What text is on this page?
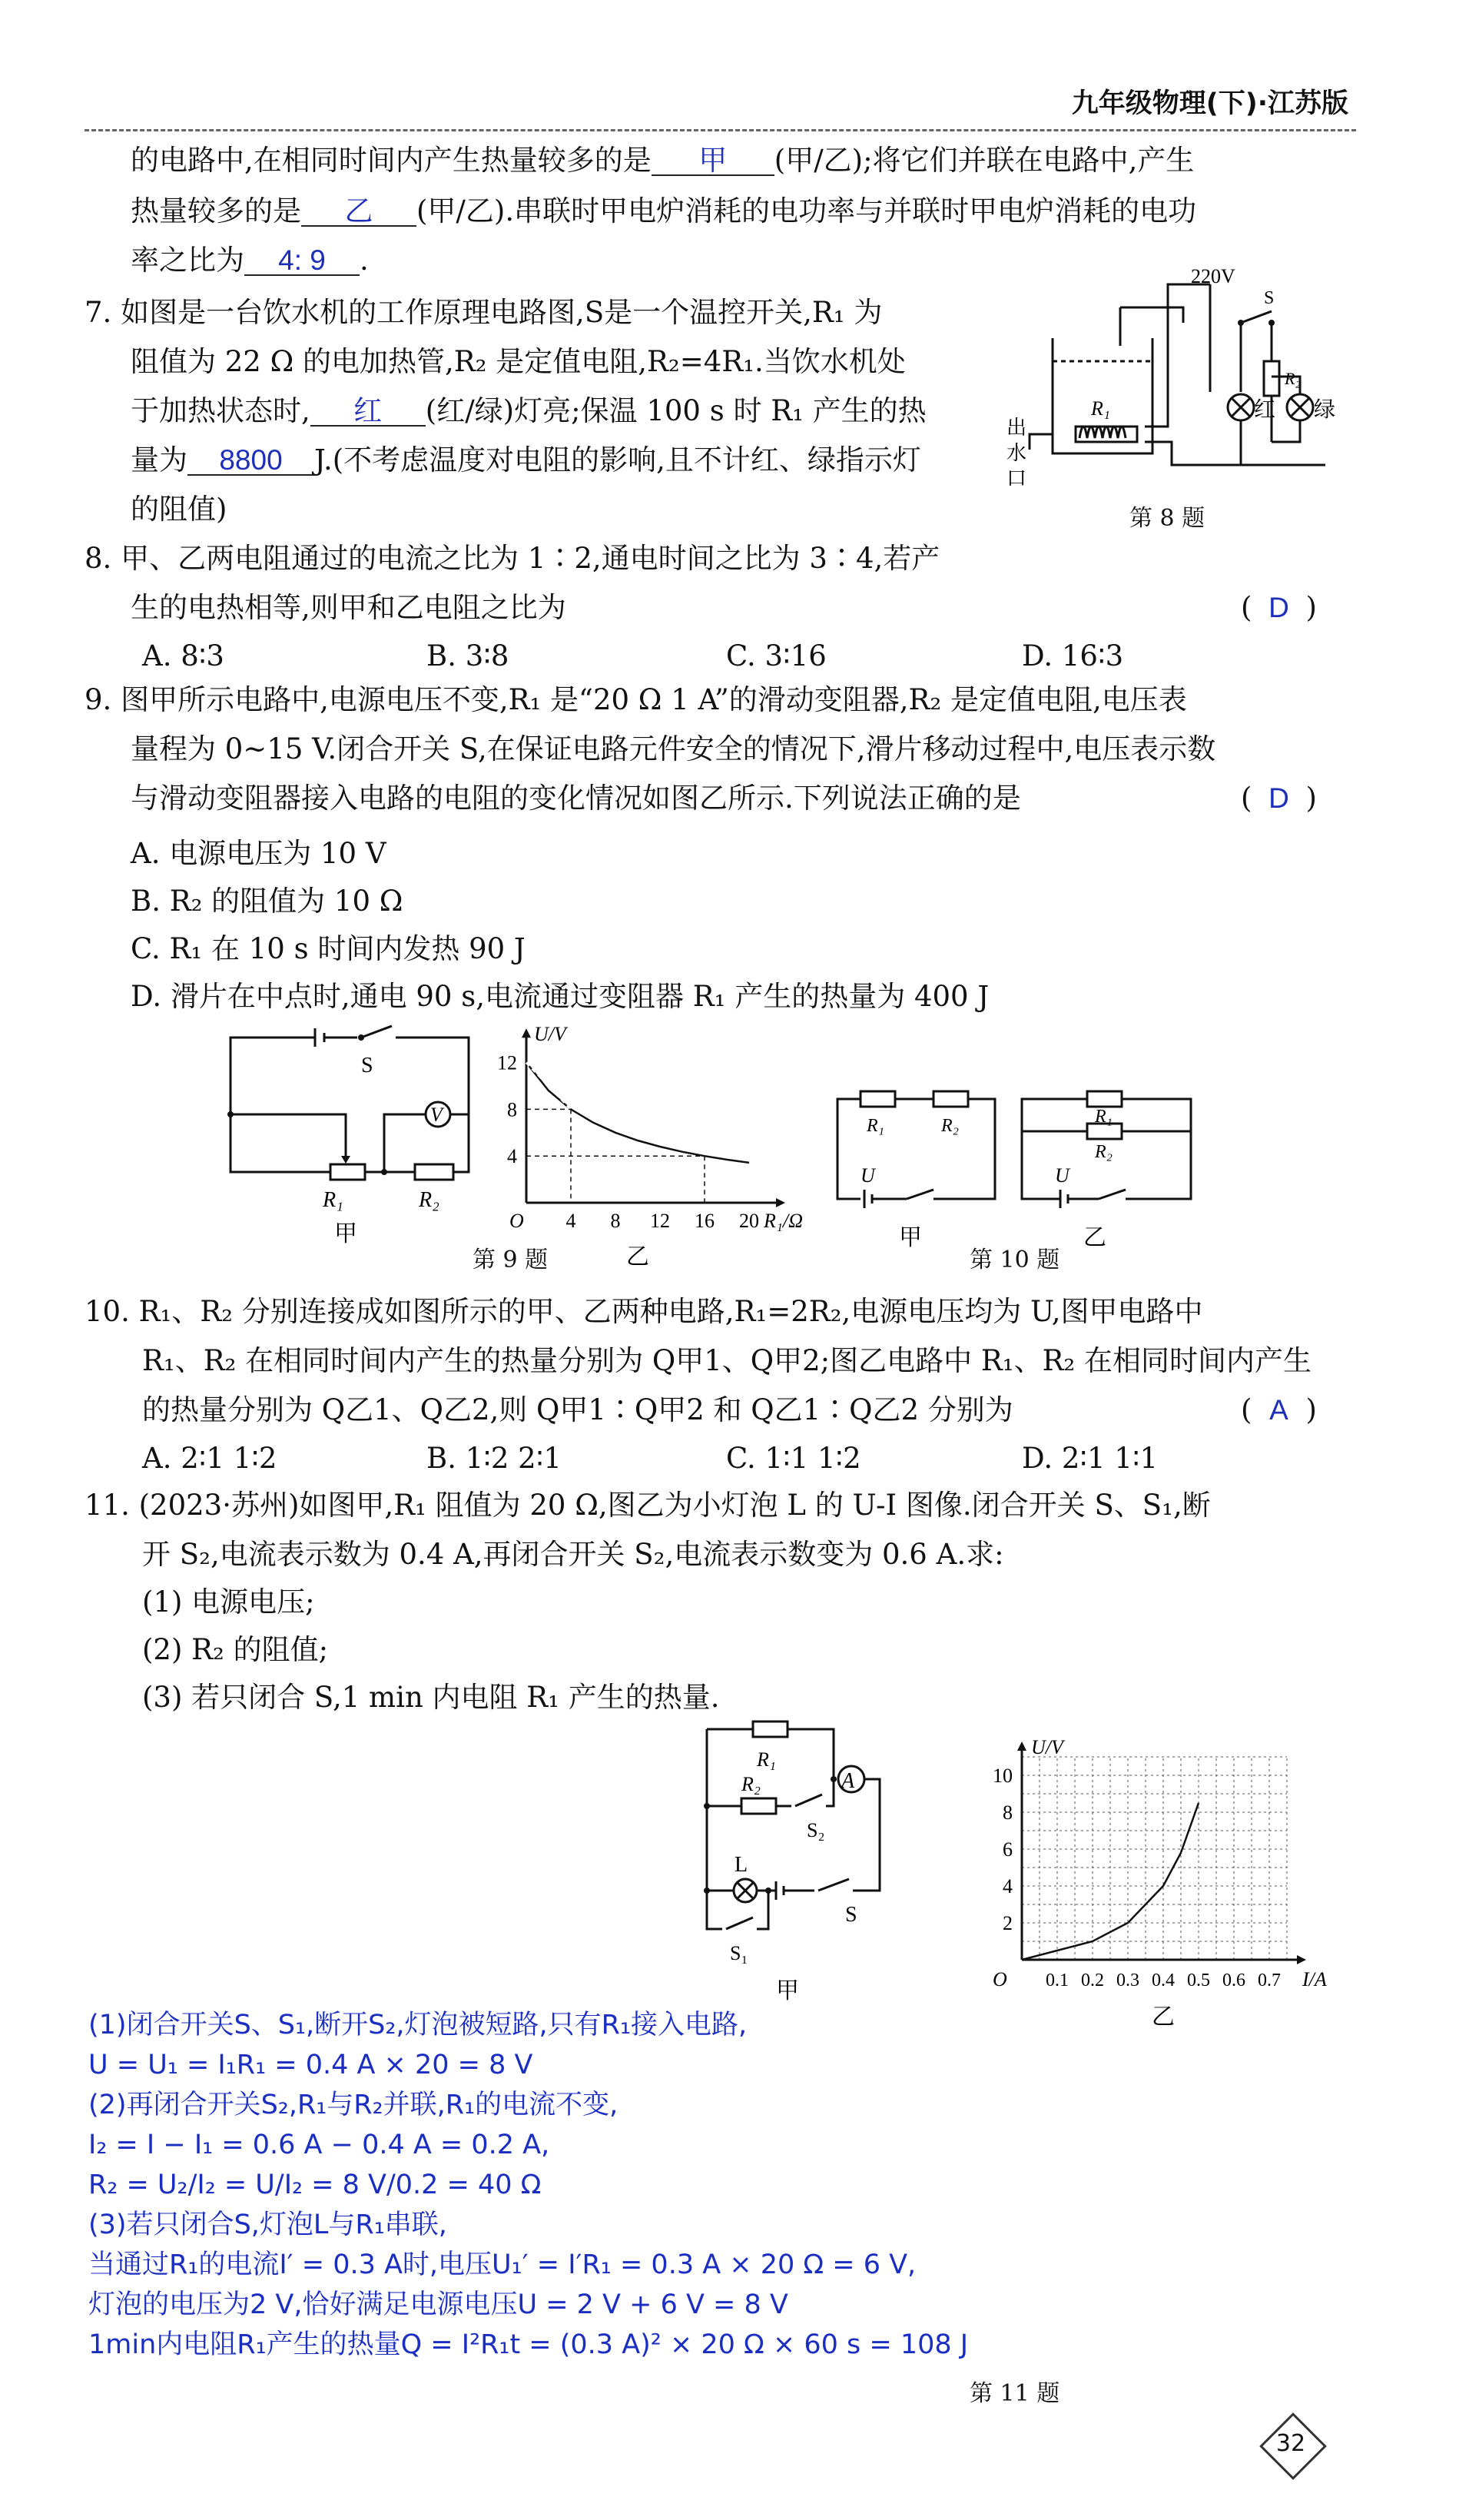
九年级物理(下)·江苏版
的电路中,在相同时间内产生热量较多的是 甲 (甲/乙);将它们并联在电路中,产生
热量较多的是 乙 (甲/乙).串联时甲电炉消耗的电功率与并联时甲电炉消耗的电功
率之比为 4: 9 .
7. 如图是一台饮水机的工作原理电路图,S是一个温控开关,R₁ 为
阻值为 22 Ω 的电加热管,R₂ 是定值电阻,R₂=4R₁.当饮水机处
于加热状态时, 红 (红/绿)灯亮;保温 100 s 时 R₁ 产生的热
量为 8800 J.(不考虑温度对电阻的影响,且不计红、绿指示灯
的阻值)
220V
S
R₁
R₂
红 绿
出
水
口
第 8 题
8. 甲、乙两电阻通过的电流之比为 1∶2,通电时间之比为 3∶4,若产
生的电热相等,则甲和乙电阻之比为	( D )
A. 8∶3	B. 3∶8	C. 3∶16	D. 16∶3
9. 图甲所示电路中,电源电压不变,R₁ 是“20 Ω 1 A”的滑动变阻器,R₂ 是定值电阻,电压表
量程为 0~15 V.闭合开关 S,在保证电路元件安全的情况下,滑片移动过程中,电压表示数
与滑动变阻器接入电路的电阻的变化情况如图乙所示.下列说法正确的是	( D )
A. 电源电压为 10 V
B. R₂ 的阻值为 10 Ω
C. R₁ 在 10 s 时间内发热 90 J
D. 滑片在中点时,通电 90 s,电流通过变阻器 R₁ 产生的热量为 400 J
V
S
R₁	R₂
甲
4 8 12 16 20
4
8
12
O	R₁/Ω
U/V
乙
第 9 题
R₁	R₂
U
甲
R₁
R₂
U
乙
第 10 题
10. R₁、R₂ 分别连接成如图所示的甲、乙两种电路,R₁=2R₂,电源电压均为 U,图甲电路中
R₁、R₂ 在相同时间内产生的热量分别为 Q甲1、Q甲2;图乙电路中 R₁、R₂ 在相同时间内产生
的热量分别为 Q乙1、Q乙2,则 Q甲1∶Q甲2 和 Q乙1∶Q乙2 分别为	( A )
A. 2∶1 1∶2	B. 1∶2 2∶1	C. 1∶1 1∶2	D. 2∶1 1∶1
11. (2023·苏州)如图甲,R₁ 阻值为 20 Ω,图乙为小灯泡 L 的 U-I 图像.闭合开关 S、S₁,断
开 S₂,电流表示数为 0.4 A,再闭合开关 S₂,电流表示数变为 0.6 A.求:
(1) 电源电压;
(2) R₂ 的阻值;
(3) 若只闭合 S,1 min 内电阻 R₁ 产生的热量.
A
R₁
R₂
S₂
L
S
S₁
甲
2
4
6
8
10
0.1 0.2 0.3 0.4 0.5 0.6 0.7
O	I/A
U/V
乙
(1)闭合开关S、S₁,断开S₂,灯泡被短路,只有R₁接入电路,
U = U₁ = I₁R₁ = 0.4 A × 20 = 8 V
(2)再闭合开关S₂,R₁与R₂并联,R₁的电流不变,
I₂ = I − I₁ = 0.6 A − 0.4 A = 0.2 A,
R₂ = U₂/I₂ = U/I₂ = 8 V/0.2 = 40 Ω
(3)若只闭合S,灯泡L与R₁串联,
当通过R₁的电流I′ = 0.3 A时,电压U₁′ = I′R₁ = 0.3 A × 20 Ω = 6 V,
灯泡的电压为2 V,恰好满足电源电压U = 2 V + 6 V = 8 V
1min内电阻R₁产生的热量Q = I²R₁t = (0.3 A)² × 20 Ω × 60 s = 108 J
第 11 题
32
